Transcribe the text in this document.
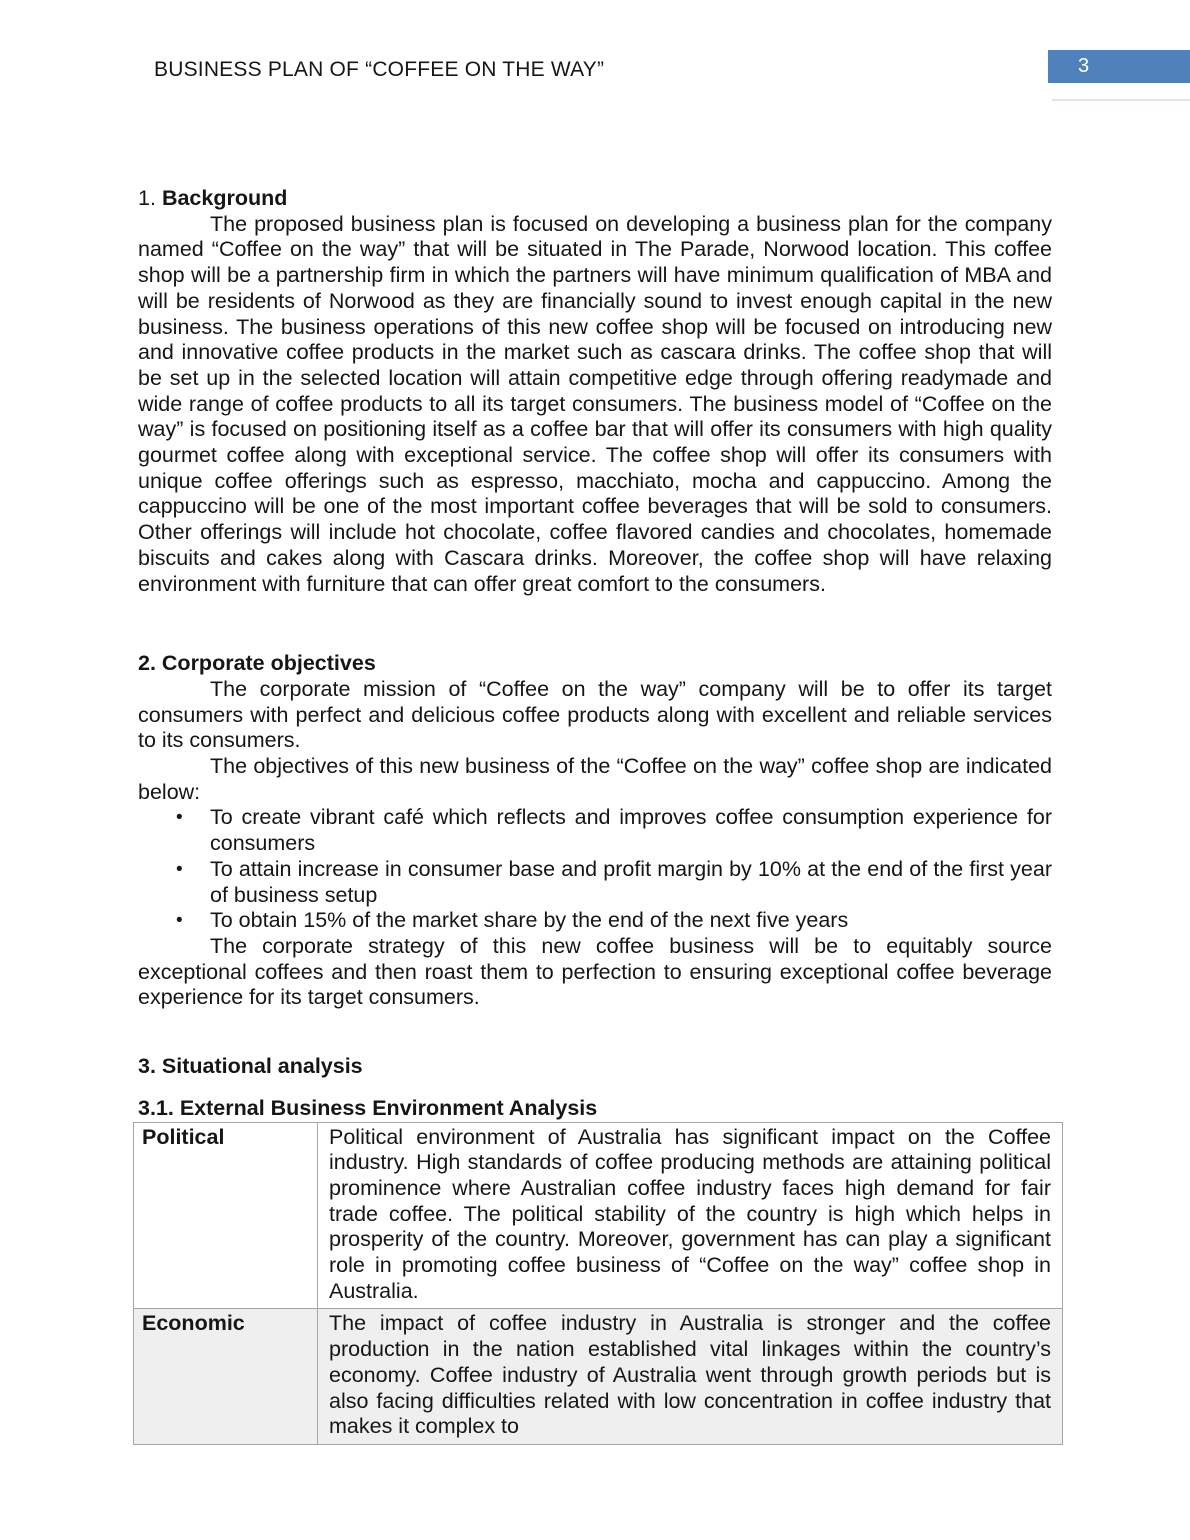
BUSINESS PLAN OF “COFFEE ON THE WAY”	3
1. Background

The proposed business plan is focused on developing a business plan for the company named “Coffee on the way” that will be situated in The Parade, Norwood location. This coffee shop will be a partnership firm in which the partners will have minimum qualification of MBA and will be residents of Norwood as they are financially sound to invest enough capital in the new business. The business operations of this new coffee shop will be focused on introducing new and innovative coffee products in the market such as cascara drinks. The coffee shop that will be set up in the selected location will attain competitive edge through offering readymade and wide range of coffee products to all its target consumers. The business model of “Coffee on the way” is focused on positioning itself as a coffee bar that will offer its consumers with high quality gourmet coffee along with exceptional service. The coffee shop will offer its consumers with unique coffee offerings such as espresso, macchiato, mocha and cappuccino. Among the cappuccino will be one of the most important coffee beverages that will be sold to consumers. Other offerings will include hot chocolate, coffee flavored candies and chocolates, homemade biscuits and cakes along with Cascara drinks. Moreover, the coffee shop will have relaxing environment with furniture that can offer great comfort to the consumers.

2. Corporate objectives

The corporate mission of “Coffee on the way” company will be to offer its target consumers with perfect and delicious coffee products along with excellent and reliable services to its consumers.

The objectives of this new business of the “Coffee on the way” coffee shop are indicated below:

•	To create vibrant café which reflects and improves coffee consumption experience for consumers
•	To attain increase in consumer base and profit margin by 10% at the end of the first year of business setup
•	To obtain 15% of the market share by the end of the next five years

The corporate strategy of this new coffee business will be to equitably source exceptional coffees and then roast them to perfection to ensuring exceptional coffee beverage experience for its target consumers.

3. Situational analysis
3.1. External Business Environment Analysis
Political	Political environment of Australia has significant impact on the Coffee industry. High standards of coffee producing methods are attaining political prominence where Australian coffee industry faces high demand for fair trade coffee. The political stability of the country is high which helps in prosperity of the country. Moreover, government has can play a significant role in promoting coffee business of “Coffee on the way” coffee shop in Australia.
Economic	The impact of coffee industry in Australia is stronger and the coffee production in the nation established vital linkages within the country’s economy. Coffee industry of Australia went through growth periods but is also facing difficulties related with low concentration in coffee industry that makes it complex to
